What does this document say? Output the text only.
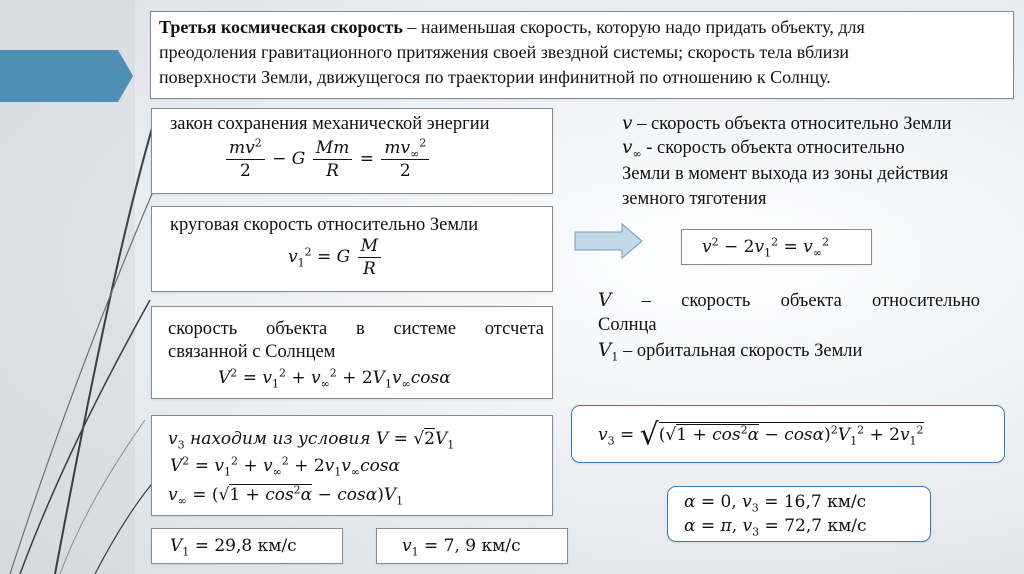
Третья космическая скорость – наименьшая скорость, которую надо придать объекту, для
преодоления гравитационного притяжения своей звездной системы; скорость тела вблизи
поверхности Земли, движущегося по траектории инфинитной по отношению к Солнцу.
закон сохранения механической энергии
$\frac{mv^2}{2} - G \frac{Mm}{R} = \frac{mv_\infty^2}{2}$
круговая скорость относительно Земли
$v_1^2 = G \frac{M}{R}$
скорость объекта в системе отсчета
связанной с Солнцем
$V^2 = v_1^2 + v_\infty^2 + 2V_1v_\infty\cos\alpha$
$v_3$ находим из условия $V = √2V_1$
$V^2 = v_1^2 + v_\infty^2 + 2v_1v_\infty\cos\alpha$
$v_\infty = (√1 + \cos^2\alpha - \cos\alpha)V_1$
$V_1 = 29,8$ км/с	$v_1 = 7$, 9 км/с
v – скорость объекта относительно Земли
$v_\infty$ - скорость объекта относительно
Земли в момент выхода из зоны действия
земного тяготения
$v^2 - 2v_1^2 = v_\infty^2$
V – скорость объекта относительно
Солнца
$V_1$ – орбитальная скорость Земли
$v_3 = √(√1 + \cos^2\alpha - \cos\alpha)^2V_1^2 + 2v_1^2$
α = 0, $v_3 = 16,7$ км/с
α = π, $v_3 = 72,7$ км/с
